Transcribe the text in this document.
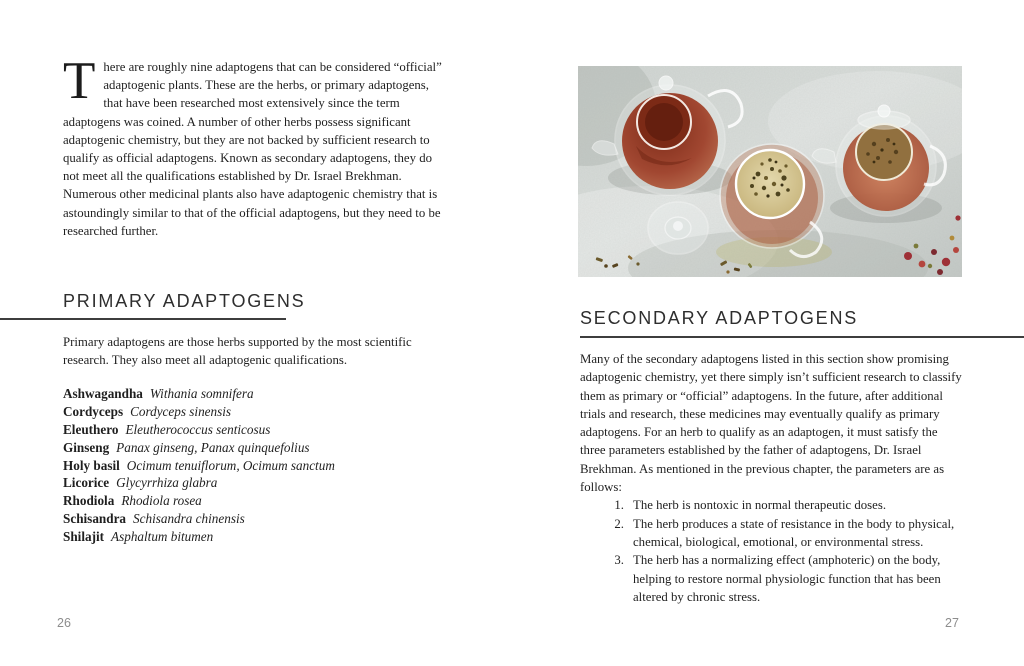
There are roughly nine adaptogens that can be considered “official” adaptogenic plants. These are the herbs, or primary adaptogens, that have been researched most extensively since the term adaptogens was coined. A number of other herbs possess significant adaptogenic chemistry, but they are not backed by sufficient research to qualify as official adaptogens. Known as secondary adaptogens, they do not meet all the qualifications established by Dr. Israel Brekhman. Numerous other medicinal plants also have adaptogenic chemistry that is astoundingly similar to that of the official adaptogens, but they need to be researched further.
PRIMARY ADAPTOGENS

Primary adaptogens are those herbs supported by the most scientific research. They also meet all adaptogenic qualifications.

Ashwagandha Withania somnifera
Cordyceps Cordyceps sinensis
Eleuthero Eleutherococcus senticosus
Ginseng Panax ginseng, Panax quinquefolius
Holy basil Ocimum tenuiflorum, Ocimum sanctum
Licorice Glycyrrhiza glabra
Rhodiola Rhodiola rosea
Schisandra Schisandra chinensis
Shilajit Asphaltum bitumen
26
SECONDARY ADAPTOGENS

Many of the secondary adaptogens listed in this section show promising adaptogenic chemistry, yet there simply isn’t sufficient research to classify them as primary or “official” adaptogens. In the future, after additional trials and research, these medicines may eventually qualify as primary adaptogens. For an herb to qualify as an adaptogen, it must satisfy the three parameters established by the father of adaptogens, Dr. Israel Brekhman. As mentioned in the previous chapter, the parameters are as follows:

1. The herb is nontoxic in normal therapeutic doses.
2. The herb produces a state of resistance in the body to physical, chemical, biological, emotional, or environmental stress.
3. The herb has a normalizing effect (amphoteric) on the body, helping to restore normal physiologic function that has been altered by chronic stress.
27
